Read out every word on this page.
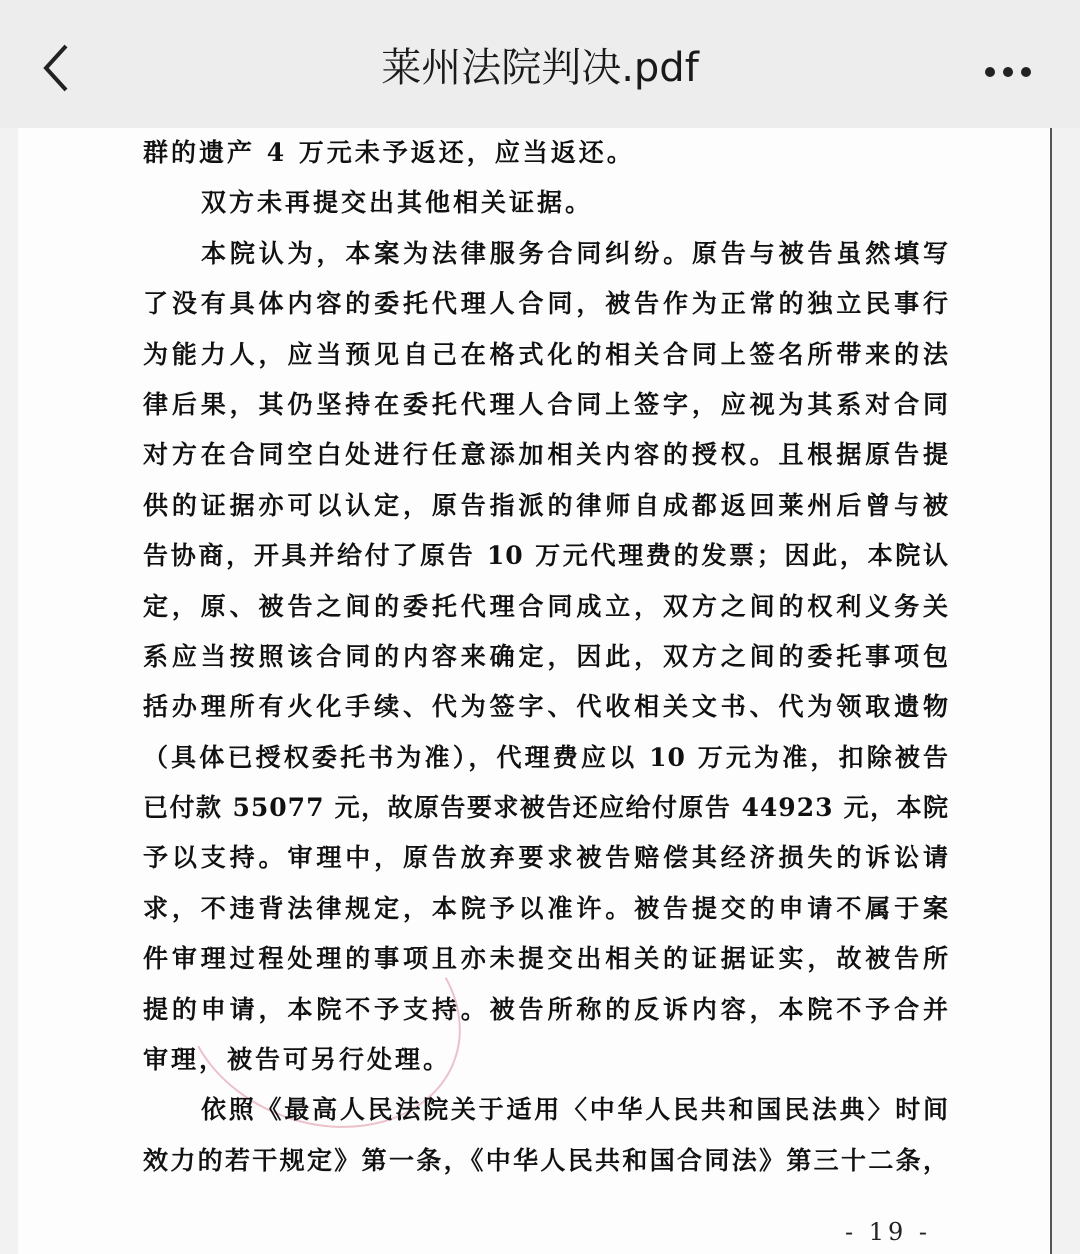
莱州法院判决.pdf
群的遗产 4 万元未予返还，应当返还。
双方未再提交出其他相关证据。
本院认为，本案为法律服务合同纠纷。原告与被告虽然填写
了没有具体内容的委托代理人合同，被告作为正常的独立民事行
为能力人，应当预见自己在格式化的相关合同上签名所带来的法
律后果，其仍坚持在委托代理人合同上签字，应视为其系对合同
对方在合同空白处进行任意添加相关内容的授权。且根据原告提
供的证据亦可以认定，原告指派的律师自成都返回莱州后曾与被
告协商，开具并给付了原告 10 万元代理费的发票；因此，本院认
定，原、被告之间的委托代理合同成立，双方之间的权利义务关
系应当按照该合同的内容来确定，因此，双方之间的委托事项包
括办理所有火化手续、代为签字、代收相关文书、代为领取遗物
（具体已授权委托书为准），代理费应以 10 万元为准，扣除被告
已付款 55077 元，故原告要求被告还应给付原告 44923 元，本院
予以支持。审理中，原告放弃要求被告赔偿其经济损失的诉讼请
求，不违背法律规定，本院予以准许。被告提交的申请不属于案
件审理过程处理的事项且亦未提交出相关的证据证实，故被告所
提的申请，本院不予支持。被告所称的反诉内容，本院不予合并
审理，被告可另行处理。
依照《最高人民法院关于适用〈中华人民共和国民法典〉时间
效力的若干规定》第一条，《中华人民共和国合同法》第三十二条，
- 19 -
